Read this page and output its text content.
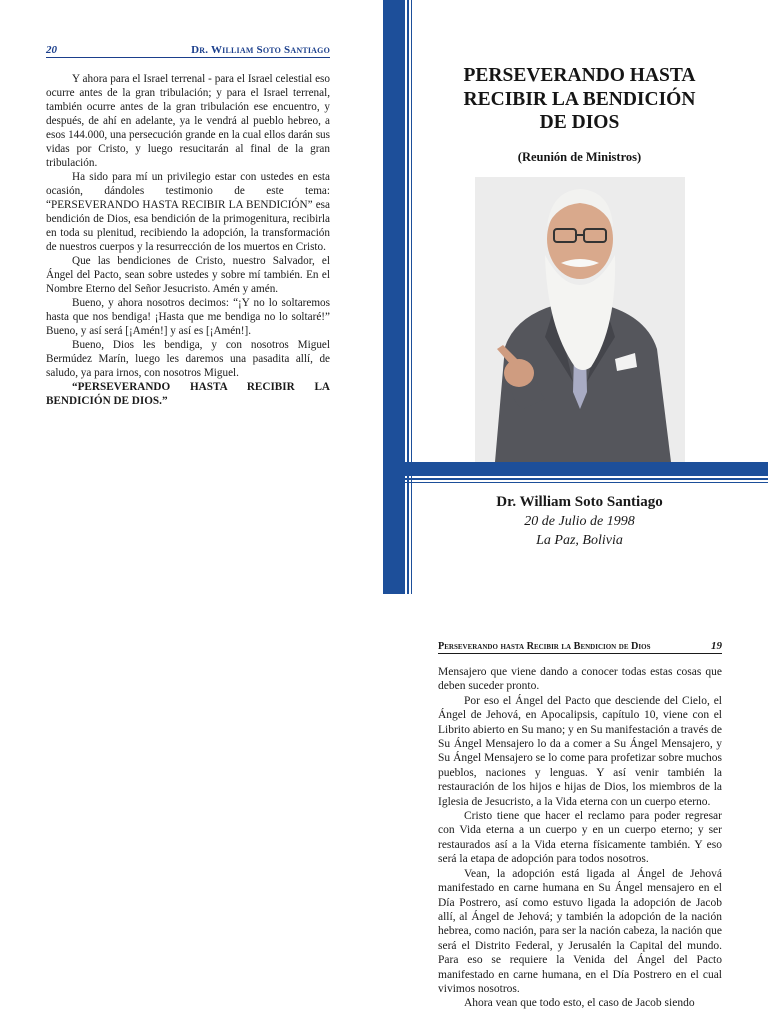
20	Dr. William Soto Santiago

Y ahora para el Israel terrenal - para el Israel celestial eso ocurre antes de la gran tribulación; y para el Israel terrenal, también ocurre antes de la gran tribulación ese encuentro, y después, de ahí en adelante, ya le vendrá al pueblo hebreo, a esos 144.000, una persecución grande en la cual ellos darán sus vidas por Cristo, y luego resucitarán al final de la gran tribulación.

Ha sido para mí un privilegio estar con ustedes en esta ocasión, dándoles testimonio de este tema: “PERSEVERANDO HASTA RECIBIR LA BENDICIÓN” esa bendición de Dios, esa bendición de la primogenitura, recibirla en toda su plenitud, recibiendo la adopción, la transformación de nuestros cuerpos y la resurrección de los muertos en Cristo.

Que las bendiciones de Cristo, nuestro Salvador, el Ángel del Pacto, sean sobre ustedes y sobre mí también. En el Nombre Eterno del Señor Jesucristo. Amén y amén.

Bueno, y ahora nosotros decimos: “¡Y no lo soltaremos hasta que nos bendiga! ¡Hasta que me bendiga no lo soltaré!” Bueno, y así será [¡Amén!] y así es [¡Amén!].

Bueno, Dios les bendiga, y con nosotros Miguel Bermúdez Marín, luego les daremos una pasadita allí, de saludo, ya para irnos, con nosotros Miguel.

“PERSEVERANDO HASTA RECIBIR LA BENDICIÓN DE DIOS.”

PERSEVERANDO HASTA
RECIBIR LA BENDICIÓN
DE DIOS
(Reunión de Ministros)
Dr. William Soto Santiago
20 de Julio de 1998
La Paz, Bolivia
Perseverando hasta Recibir la Bendicion de Dios	19

Mensajero que viene dando a conocer todas estas cosas que deben suceder pronto.

Por eso el Ángel del Pacto que desciende del Cielo, el Ángel de Jehová, en Apocalipsis, capítulo 10, viene con el Librito abierto en Su mano; y en Su manifestación a través de Su Ángel Mensajero lo da a comer a Su Ángel Mensajero, y Su Ángel Mensajero se lo come para profetizar sobre muchos pueblos, naciones y lenguas. Y así venir también la restauración de los hijos e hijas de Dios, los miembros de la Iglesia de Jesucristo, a la Vida eterna con un cuerpo eterno.

Cristo tiene que hacer el reclamo para poder regresar con Vida eterna a un cuerpo y en un cuerpo eterno; y ser restaurados así a la Vida eterna físicamente también. Y eso será la etapa de adopción para todos nosotros.

Vean, la adopción está ligada al Ángel de Jehová manifestado en carne humana en Su Ángel mensajero en el Día Postrero, así como estuvo ligada la adopción de Jacob allí, al Ángel de Jehová; y también la adopción de la nación hebrea, como nación, para ser la nación cabeza, la nación que será el Distrito Federal, y Jerusalén la Capital del mundo. Para eso se requiere la Venida del Ángel del Pacto manifestado en carne humana, en el Día Postrero en el cual vivimos nosotros.

Ahora vean que todo esto, el caso de Jacob siendo
